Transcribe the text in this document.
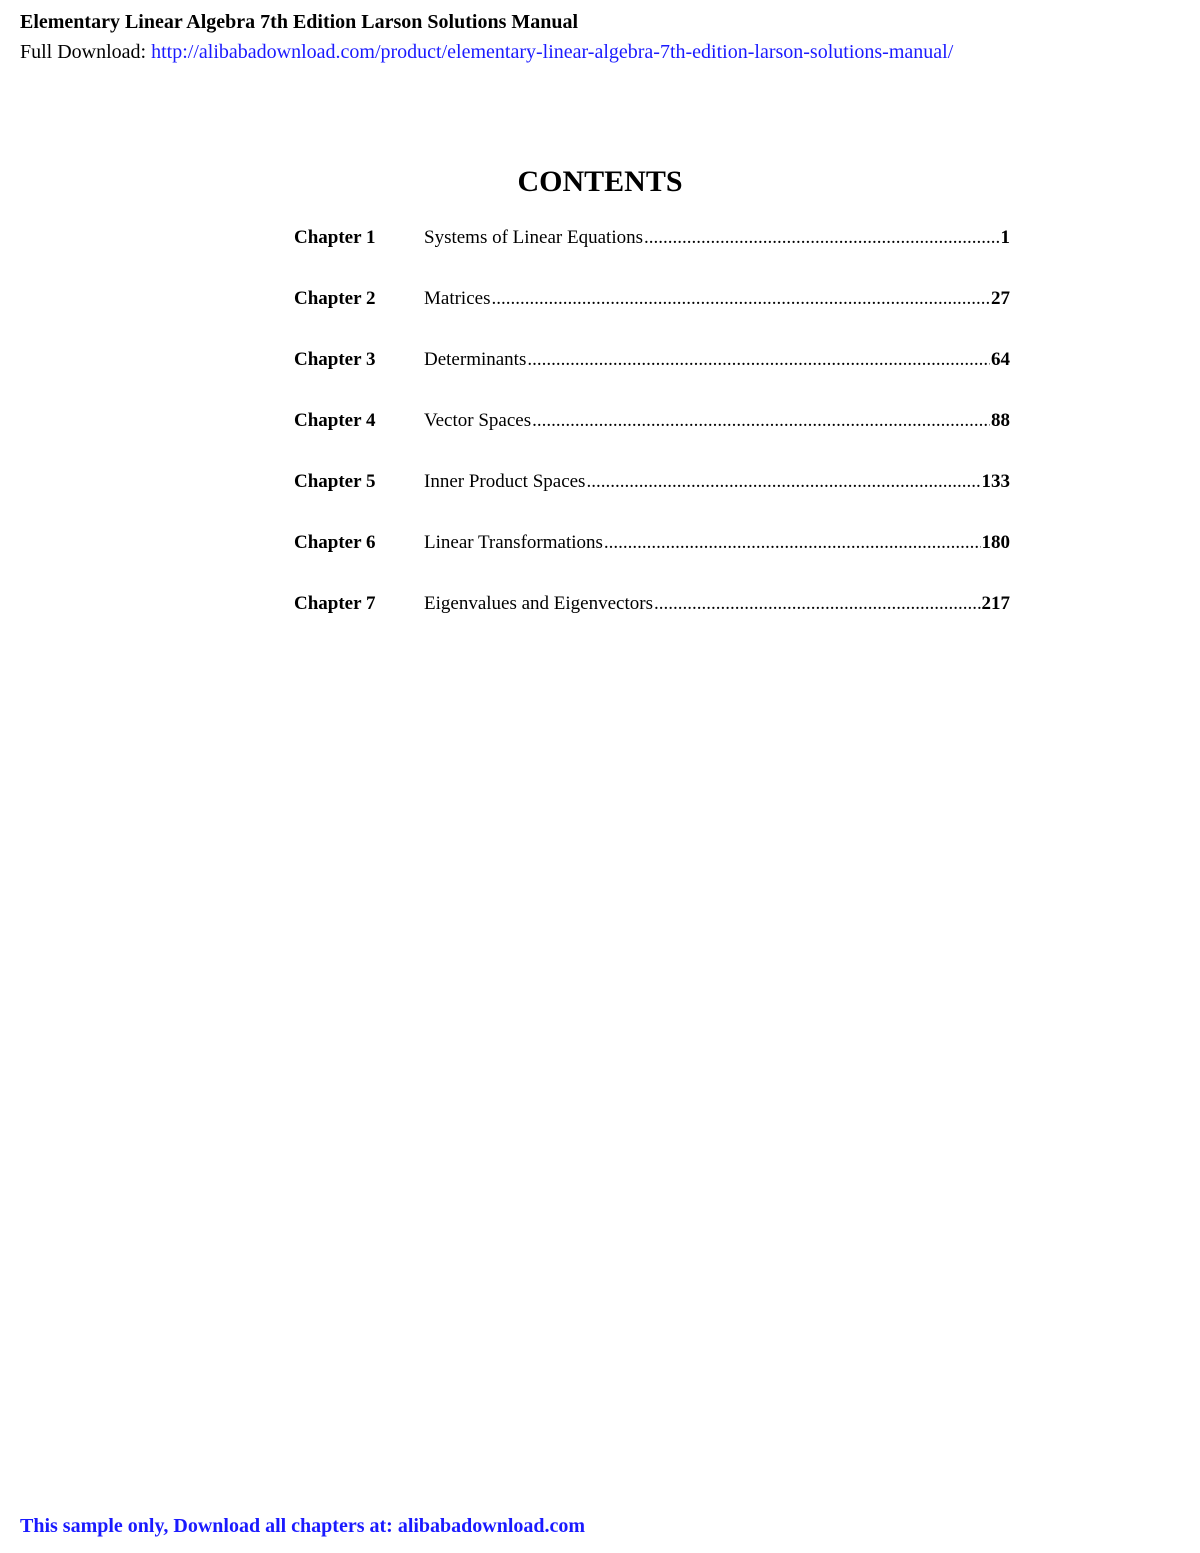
Elementary Linear Algebra 7th Edition Larson Solutions Manual
Full Download: http://alibabadownload.com/product/elementary-linear-algebra-7th-edition-larson-solutions-manual/
CONTENTS
Chapter 1	Systems of Linear Equations .....	1
Chapter 2	Matrices .....	27
Chapter 3	Determinants .....	64
Chapter 4	Vector Spaces .....	88
Chapter 5	Inner Product Spaces .....	133
Chapter 6	Linear Transformations .....	180
Chapter 7	Eigenvalues and Eigenvectors .....	217
This sample only, Download all chapters at: alibabadownload.com
